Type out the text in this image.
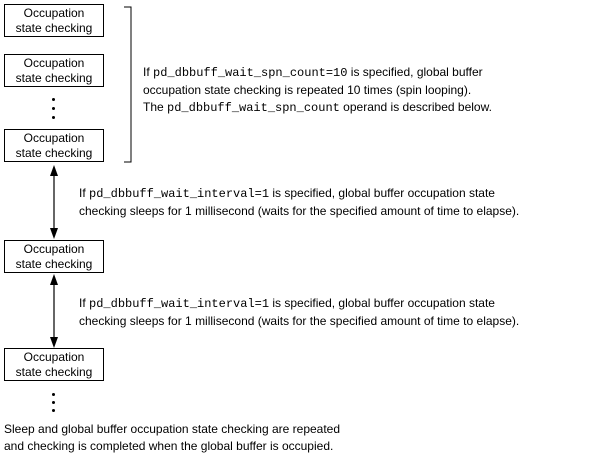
Occupation
state checking
Occupation
state checking
Occupation
state checking
Occupation
state checking
Occupation
state checking
If pd_dbbuff_wait_spn_count=10 is specified, global buffer
occupation state checking is repeated 10 times (spin looping).
The pd_dbbuff_wait_spn_count operand is described below.
If pd_dbbuff_wait_interval=1 is specified, global buffer occupation state
checking sleeps for 1 millisecond (waits for the specified amount of time to elapse).
If pd_dbbuff_wait_interval=1 is specified, global buffer occupation state
checking sleeps for 1 millisecond (waits for the specified amount of time to elapse).
Sleep and global buffer occupation state checking are repeated
and checking is completed when the global buffer is occupied.
